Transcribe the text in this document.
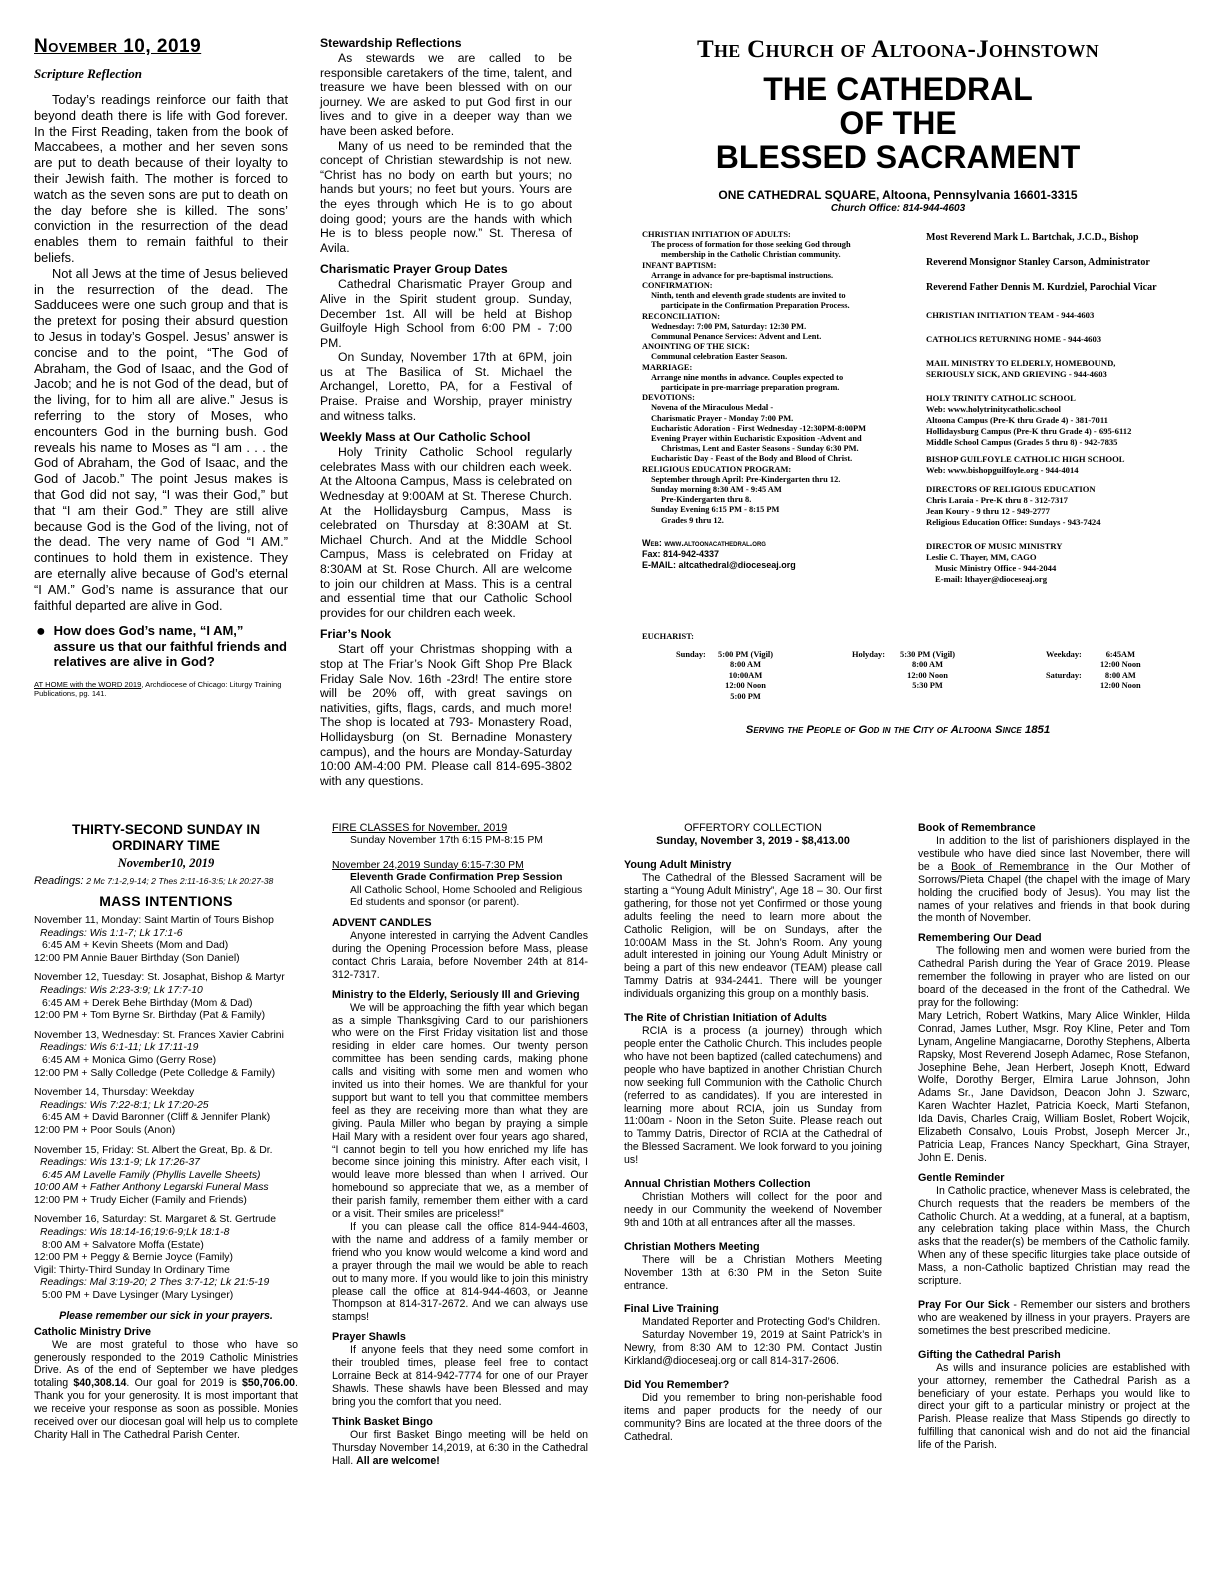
November 10, 2019
Scripture Reflection

Today’s readings reinforce our faith that beyond death there is life with God forever. In the First Reading, taken from the book of Maccabees, a mother and her seven sons are put to death because of their loyalty to their Jewish faith. The mother is forced to watch as the seven sons are put to death on the day before she is killed. The sons’ conviction in the resurrection of the dead enables them to remain faithful to their beliefs.

Not all Jews at the time of Jesus believed in the resurrection of the dead. The Sadducees were one such group and that is the pretext for posing their absurd question to Jesus in today’s Gospel. Jesus’ answer is concise and to the point, “The God of Abraham, the God of Isaac, and the God of Jacob; and he is not God of the dead, but of the living, for to him all are alive.” Jesus is referring to the story of Moses, who encounters God in the burning bush. God reveals his name to Moses as “I am . . . the God of Abraham, the God of Isaac, and the God of Jacob.” The point Jesus makes is that God did not say, “I was their God,” but that “I am their God.” They are still alive because God is the God of the living, not of the dead. The very name of God “I AM.” continues to hold them in existence. They are eternally alive because of God’s eternal “I AM.” God’s name is assurance that our faithful departed are alive in God.

● How does God’s name, “I AM,” assure us that our faithful friends and relatives are alive in God?
AT HOME with the WORD 2019, Archdiocese of Chicago: Liturgy Training Publications, pg. 141.

Stewardship Reflections

As stewards we are called to be responsible caretakers of the time, talent, and treasure we have been blessed with on our journey. We are asked to put God first in our lives and to give in a deeper way than we have been asked before.

Many of us need to be reminded that the concept of Christian stewardship is not new. “Christ has no body on earth but yours; no hands but yours; no feet but yours. Yours are the eyes through which He is to go about doing good; yours are the hands with which He is to bless people now.” St. Theresa of Avila.

Charismatic Prayer Group Dates

Cathedral Charismatic Prayer Group and Alive in the Spirit student group. Sunday, December 1st. All will be held at Bishop Guilfoyle High School from 6:00 PM - 7:00 PM.

On Sunday, November 17th at 6PM, join us at The Basilica of St. Michael the Archangel, Loretto, PA, for a Festival of Praise. Praise and Worship, prayer ministry and witness talks.

Weekly Mass at Our Catholic School

Holy Trinity Catholic School regularly celebrates Mass with our children each week. At the Altoona Campus, Mass is celebrated on Wednesday at 9:00AM at St. Therese Church. At the Hollidaysburg Campus, Mass is celebrated on Thursday at 8:30AM at St. Michael Church. And at the Middle School Campus, Mass is celebrated on Friday at 8:30AM at St. Rose Church. All are welcome to join our children at Mass. This is a central and essential time that our Catholic School provides for our children each week.

Friar’s Nook

Start off your Christmas shopping with a stop at The Friar’s Nook Gift Shop Pre Black Friday Sale Nov. 16th -23rd! The entire store will be 20% off, with great savings on nativities, gifts, flags, cards, and much more! The shop is located at 793- Monastery Road, Hollidaysburg (on St. Bernadine Monastery campus), and the hours are Monday-Saturday 10:00 AM-4:00 PM. Please call 814-695-3802 with any questions.

The Church of Altoona-Johnstown
THE CATHEDRAL
OF THE
BLESSED SACRAMENT
ONE CATHEDRAL SQUARE, Altoona, Pennsylvania 16601-3315
Church Office: 814-944-4603
CHRISTIAN INITIATION OF ADULTS:
The process of formation for those seeking God through
membership in the Catholic Christian community.
INFANT BAPTISM:
Arrange in advance for pre-baptismal instructions.
CONFIRMATION:
Ninth, tenth and eleventh grade students are invited to
participate in the Confirmation Preparation Process.
RECONCILIATION:
Wednesday: 7:00 PM, Saturday: 12:30 PM.
Communal Penance Services: Advent and Lent.
ANOINTING OF THE SICK:
Communal celebration Easter Season.
MARRIAGE:
Arrange nine months in advance. Couples expected to
participate in pre-marriage preparation program.
DEVOTIONS:
Novena of the Miraculous Medal -
Charismatic Prayer - Monday 7:00 PM.
Eucharistic Adoration - First Wednesday -12:30PM-8:00PM
Evening Prayer within Eucharistic Exposition -Advent and
Christmas, Lent and Easter Seasons - Sunday 6:30 PM.
Eucharistic Day - Feast of the Body and Blood of Christ.
RELIGIOUS EDUCATION PROGRAM:
September through April: Pre-Kindergarten thru 12.
Sunday morning 8:30 AM - 9:45 AM
Pre-Kindergarten thru 8.
Sunday Evening 6:15 PM - 8:15 PM
Grades 9 thru 12.
Web: www.altoonacathedral.org
Fax: 814-942-4337
E-MAIL: altcathedral@dioceseaj.org
Most Reverend Mark L. Bartchak, J.C.D., Bishop
Reverend Monsignor Stanley Carson, Administrator
Reverend Father Dennis M. Kurdziel, Parochial Vicar
CHRISTIAN INITIATION TEAM - 944-4603
CATHOLICS RETURNING HOME - 944-4603
MAIL MINISTRY TO ELDERLY, HOMEBOUND,
SERIOUSLY SICK, AND GRIEVING - 944-4603
HOLY TRINITY CATHOLIC SCHOOL
Web: www.holytrinitycatholic.school
Altoona Campus (Pre-K thru Grade 4) - 381-7011
Hollidaysburg Campus (Pre-K thru Grade 4) - 695-6112
Middle School Campus (Grades 5 thru 8) - 942-7835
BISHOP GUILFOYLE CATHOLIC HIGH SCHOOL
Web: www.bishopguilfoyle.org - 944-4014
DIRECTORS OF RELIGIOUS EDUCATION
Chris Laraia - Pre-K thru 8 - 312-7317
Jean Koury - 9 thru 12 - 949-2777
Religious Education Office: Sundays - 943-7424
DIRECTOR OF MUSIC MINISTRY
Leslie C. Thayer, MM, CAGO
Music Ministry Office - 944-2044
E-mail: lthayer@dioceseaj.org
EUCHARIST:
Sunday: 5:00 PM (Vigil)
8:00 AM
10:00AM
12:00 Noon
5:00 PM
Holyday: 5:30 PM (Vigil)
8:00 AM
12:00 Noon
5:30 PM
Weekday:	6:45AM
12:00 Noon
Saturday:	8:00 AM
12:00 Noon
Serving the People of God in the City of Altoona Since 1851
THIRTY-SECOND SUNDAY IN ORDINARY TIME
November10, 2019
Readings: 2 Mc 7:1-2,9-14; 2 Thes 2:11-16-3:5; Lk 20:27-38
MASS INTENTIONS
November 11, Monday: Saint Martin of Tours Bishop
Readings: Wis 1:1-7; Lk 17:1-6
6:45 AM + Kevin Sheets (Mom and Dad)
12:00 PM Annie Bauer Birthday (Son Daniel)
November 12, Tuesday: St. Josaphat, Bishop & Martyr
Readings: Wis 2:23-3:9; Lk 17:7-10
6:45 AM + Derek Behe Birthday (Mom & Dad)
12:00 PM + Tom Byrne Sr. Birthday (Pat & Family)
November 13, Wednesday: St. Frances Xavier Cabrini
Readings: Wis 6:1-11; Lk 17:11-19
6:45 AM + Monica Gimo (Gerry Rose)
12:00 PM + Sally Colledge (Pete Colledge & Family)
November 14, Thursday: Weekday
Readings: Wis 7:22-8:1; Lk 17:20-25
6:45 AM + David Baronner (Cliff & Jennifer Plank)
12:00 PM + Poor Souls (Anon)
November 15, Friday: St. Albert the Great, Bp. & Dr.
Readings: Wis 13:1-9; Lk 17:26-37
6:45 AM Lavelle Family (Phyllis Lavelle Sheets)
10:00 AM + Father Anthony Legarski Funeral Mass
12:00 PM + Trudy Eicher (Family and Friends)
November 16, Saturday: St. Margaret & St. Gertrude
Readings: Wis 18:14-16;19:6-9;Lk 18:1-8
8:00 AM + Salvatore Moffa (Estate)
12:00 PM + Peggy & Bernie Joyce (Family)
Vigil: Thirty-Third Sunday In Ordinary Time
Readings: Mal 3:19-20; 2 Thes 3:7-12; Lk 21:5-19
5:00 PM + Dave Lysinger (Mary Lysinger)
Please remember our sick in your prayers.
Catholic Ministry Drive

We are most grateful to those who have so generously responded to the 2019 Catholic Ministries Drive. As of the end of September we have pledges totaling $40,308.14. Our goal for 2019 is $50,706.00. Thank you for your generosity. It is most important that we receive your response as soon as possible. Monies received over our diocesan goal will help us to complete Charity Hall in The Cathedral Parish Center.

FIRE CLASSES for November, 2019
Sunday November 17th 6:15 PM-8:15 PM
November 24,2019 Sunday 6:15-7:30 PM
Eleventh Grade Confirmation Prep Session
All Catholic School, Home Schooled and Religious Ed students and sponsor (or parent).
ADVENT CANDLES

Anyone interested in carrying the Advent Candles during the Opening Procession before Mass, please contact Chris Laraia, before November 24th at 814-312-7317.

Ministry to the Elderly, Seriously Ill and Grieving

We will be approaching the fifth year which began as a simple Thanksgiving Card to our parishioners who were on the First Friday visitation list and those residing in elder care homes. Our twenty person committee has been sending cards, making phone calls and visiting with some men and women who invited us into their homes. We are thankful for your support but want to tell you that committee members feel as they are receiving more than what they are giving. Paula Miller who began by praying a simple Hail Mary with a resident over four years ago shared, “I cannot begin to tell you how enriched my life has become since joining this ministry. After each visit, I would leave more blessed than when I arrived. Our homebound so appreciate that we, as a member of their parish family, remember them either with a card or a visit. Their smiles are priceless!”

If you can please call the office 814-944-4603, with the name and address of a family member or friend who you know would welcome a kind word and a prayer through the mail we would be able to reach out to many more. If you would like to join this ministry please call the office at 814-944-4603, or Jeanne Thompson at 814-317-2672. And we can always use stamps!

Prayer Shawls

If anyone feels that they need some comfort in their troubled times, please feel free to contact Lorraine Beck at 814-942-7774 for one of our Prayer Shawls. These shawls have been Blessed and may bring you the comfort that you need.

Think Basket Bingo

Our first Basket Bingo meeting will be held on Thursday November 14,2019, at 6:30 in the Cathedral Hall. All are welcome!

OFFERTORY COLLECTION
Sunday, November 3, 2019 - $8,413.00
Young Adult Ministry

The Cathedral of the Blessed Sacrament will be starting a “Young Adult Ministry”, Age 18 – 30. Our first gathering, for those not yet Confirmed or those young adults feeling the need to learn more about the Catholic Religion, will be on Sundays, after the 10:00AM Mass in the St. John’s Room. Any young adult interested in joining our Young Adult Ministry or being a part of this new endeavor (TEAM) please call Tammy Datris at 934-2441. There will be younger individuals organizing this group on a monthly basis.

The Rite of Christian Initiation of Adults

RCIA is a process (a journey) through which people enter the Catholic Church. This includes people who have not been baptized (called catechumens) and people who have baptized in another Christian Church now seeking full Communion with the Catholic Church (referred to as candidates). If you are interested in learning more about RCIA, join us Sunday from 11:00am - Noon in the Seton Suite. Please reach out to Tammy Datris, Director of RCIA at the Cathedral of the Blessed Sacrament. We look forward to you joining us!

Annual Christian Mothers Collection

Christian Mothers will collect for the poor and needy in our Community the weekend of November 9th and 10th at all entrances after all the masses.

Christian Mothers Meeting

There will be a Christian Mothers Meeting November 13th at 6:30 PM in the Seton Suite entrance.

Final Live Training

Mandated Reporter and Protecting God’s Children.

Saturday November 19, 2019 at Saint Patrick’s in Newry, from 8:30 AM to 12:30 PM. Contact Justin Kirkland@dioceseaj.org or call 814-317-2606.

Did You Remember?

Did you remember to bring non-perishable food items and paper products for the needy of our community? Bins are located at the three doors of the Cathedral.

Book of Remembrance

In addition to the list of parishioners displayed in the vestibule who have died since last November, there will be a Book of Remembrance in the Our Mother of Sorrows/Pieta Chapel (the chapel with the image of Mary holding the crucified body of Jesus). You may list the names of your relatives and friends in that book during the month of November.

Remembering Our Dead

The following men and women were buried from the Cathedral Parish during the Year of Grace 2019. Please remember the following in prayer who are listed on our board of the deceased in the front of the Cathedral. We pray for the following:

Mary Letrich, Robert Watkins, Mary Alice Winkler, Hilda Conrad, James Luther, Msgr. Roy Kline, Peter and Tom Lynam, Angeline Mangiacarne, Dorothy Stephens, Alberta Rapsky, Most Reverend Joseph Adamec, Rose Stefanon, Josephine Behe, Jean Herbert, Joseph Knott, Edward Wolfe, Dorothy Berger, Elmira Larue Johnson, John Adams Sr., Jane Davidson, Deacon John J. Szwarc, Karen Wachter Hazlet, Patricia Koeck, Marti Stefanon, Ida Davis, Charles Craig, William Boslet, Robert Wojcik, Elizabeth Consalvo, Louis Probst, Joseph Mercer Jr., Patricia Leap, Frances Nancy Speckhart, Gina Strayer, John E. Denis.

Gentle Reminder

In Catholic practice, whenever Mass is celebrated, the Church requests that the readers be members of the Catholic Church. At a wedding, at a funeral, at a baptism, any celebration taking place within Mass, the Church asks that the reader(s) be members of the Catholic family. When any of these specific liturgies take place outside of Mass, a non-Catholic baptized Christian may read the scripture.

Pray For Our Sick - Remember our sisters and brothers who are weakened by illness in your prayers. Prayers are sometimes the best prescribed medicine.

Gifting the Cathedral Parish

As wills and insurance policies are established with your attorney, remember the Cathedral Parish as a beneficiary of your estate. Perhaps you would like to direct your gift to a particular ministry or project at the Parish. Please realize that Mass Stipends go directly to fulfilling that canonical wish and do not aid the financial life of the Parish.
